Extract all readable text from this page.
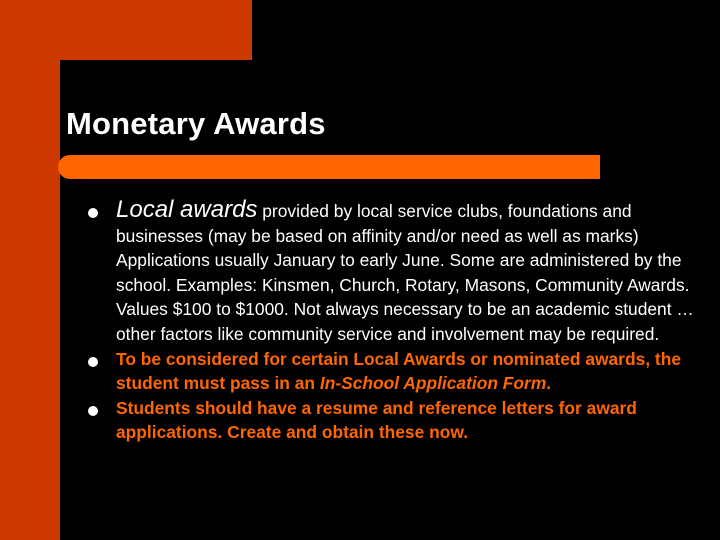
Monetary Awards
Local awards provided by local service clubs, foundations and businesses (may be based on affinity and/or need as well as marks) Applications usually January to early June. Some are administered by the school. Examples: Kinsmen, Church, Rotary, Masons, Community Awards. Values $100 to $1000. Not always necessary to be an academic student … other factors like community service and involvement may be required.
To be considered for certain Local Awards or nominated awards, the student must pass in an In-School Application Form.
Students should have a resume and reference letters for award applications. Create and obtain these now.
